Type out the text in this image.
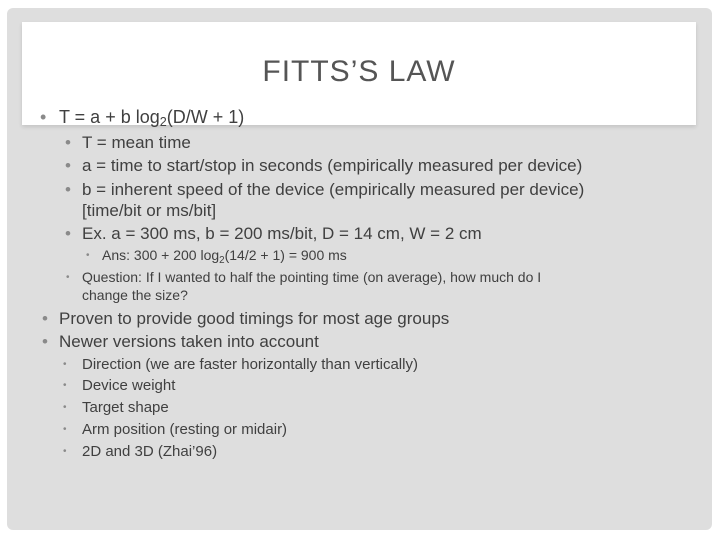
FITTS’S LAW
• T = a + b $\log_2(D/W + 1)$
• T = mean time
• a = time to start/stop in seconds (empirically measured per device)
• b = inherent speed of the device (empirically measured per device)
[time/bit or ms/bit]
• Ex. a = 300 ms, b = 200 ms/bit, D = 14 cm, W = 2 cm
• Ans: 300 + 200 $\log_2(14/2 + 1) = 900$ ms
• Question: If I wanted to half the pointing time (on average), how much do I
change the size?
• Proven to provide good timings for most age groups
• Newer versions taken into account
• Direction (we are faster horizontally than vertically)
• Device weight
• Target shape
• Arm position (resting or midair)
• 2D and 3D (Zhai’96)
